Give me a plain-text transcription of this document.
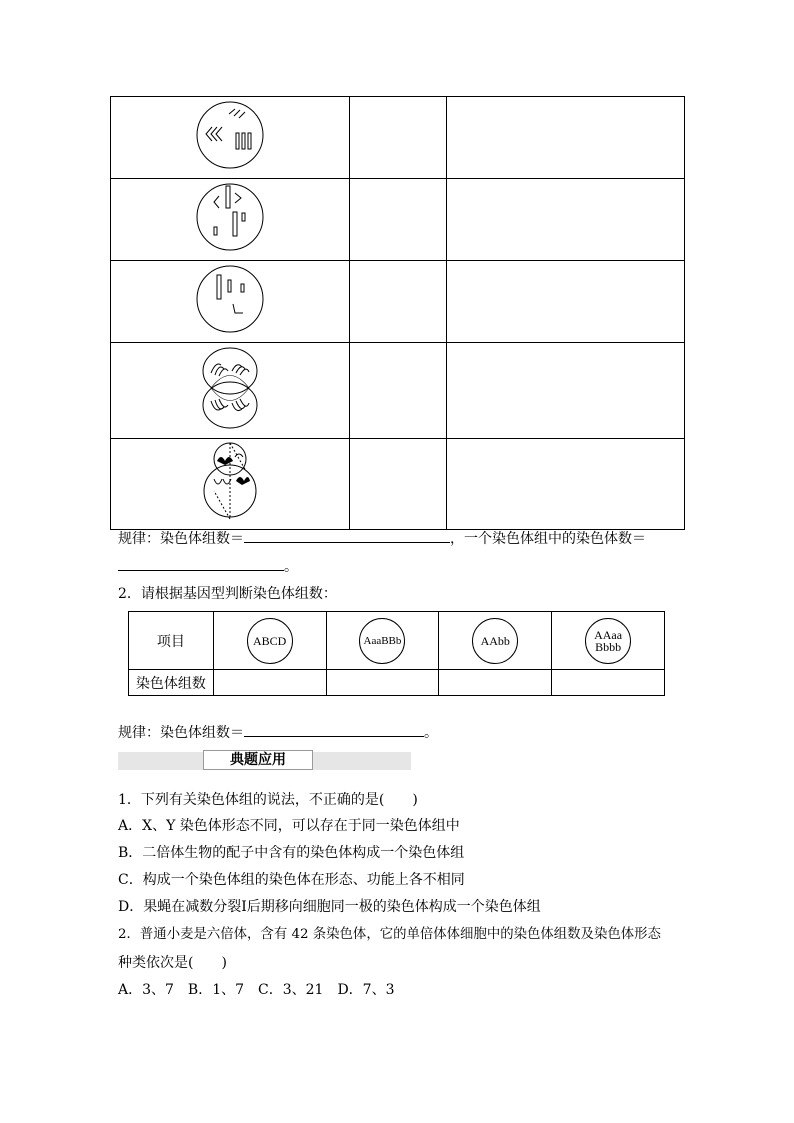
规律：染色体组数＝	，一个染色体组中的染色体数＝
。
2．请根据基因型判断染色体组数：
项目	ABCD	AaaBBb	AAbb	AAaa
Bbbb

染色体组数				
规律：染色体组数＝	。
典题应用
1．下列有关染色体组的说法，不正确的是(　　)
A．X、Y 染色体形态不同，可以存在于同一染色体组中
B．二倍体生物的配子中含有的染色体构成一个染色体组
C．构成一个染色体组的染色体在形态、功能上各不相同
D．果蝇在减数分裂Ⅰ后期移向细胞同一极的染色体构成一个染色体组
2．普通小麦是六倍体，含有 42 条染色体，它的单倍体体细胞中的染色体组数及染色体形态
种类依次是(　　)
A．3、7　B．1、7　C．3、21　D．7、3
